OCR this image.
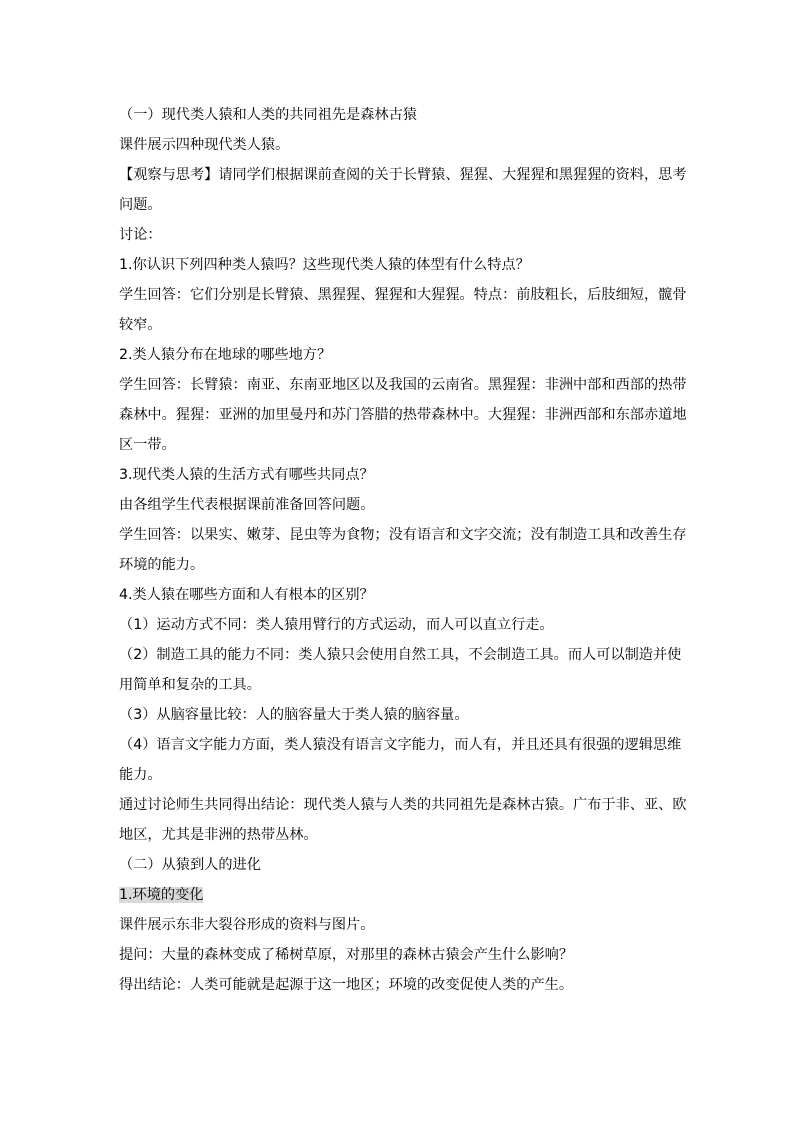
（一）现代类人猿和人类的共同祖先是森林古猿
课件展示四种现代类人猿。
【观察与思考】请同学们根据课前查阅的关于长臂猿、猩猩、大猩猩和黑猩猩的资料，思考
问题。
讨论：
1.你认识下列四种类人猿吗？这些现代类人猿的体型有什么特点？
学生回答：它们分别是长臂猿、黑猩猩、猩猩和大猩猩。特点：前肢粗长，后肢细短，髋骨
较窄。
2.类人猿分布在地球的哪些地方？
学生回答：长臂猿：南亚、东南亚地区以及我国的云南省。黑猩猩：非洲中部和西部的热带
森林中。猩猩：亚洲的加里曼丹和苏门答腊的热带森林中。大猩猩：非洲西部和东部赤道地
区一带。
3.现代类人猿的生活方式有哪些共同点？
由各组学生代表根据课前准备回答问题。
学生回答：以果实、嫩芽、昆虫等为食物；没有语言和文字交流；没有制造工具和改善生存
环境的能力。
4.类人猿在哪些方面和人有根本的区别？
（1）运动方式不同：类人猿用臂行的方式运动，而人可以直立行走。
（2）制造工具的能力不同：类人猿只会使用自然工具，不会制造工具。而人可以制造并使
用简单和复杂的工具。
（3）从脑容量比较：人的脑容量大于类人猿的脑容量。
（4）语言文字能力方面，类人猿没有语言文字能力，而人有，并且还具有很强的逻辑思维
能力。
通过讨论师生共同得出结论：现代类人猿与人类的共同祖先是森林古猿。广布于非、亚、欧
地区，尤其是非洲的热带丛林。
（二）从猿到人的进化
1.环境的变化
课件展示东非大裂谷形成的资料与图片。
提问：大量的森林变成了稀树草原，对那里的森林古猿会产生什么影响？
得出结论：人类可能就是起源于这一地区；环境的改变促使人类的产生。
